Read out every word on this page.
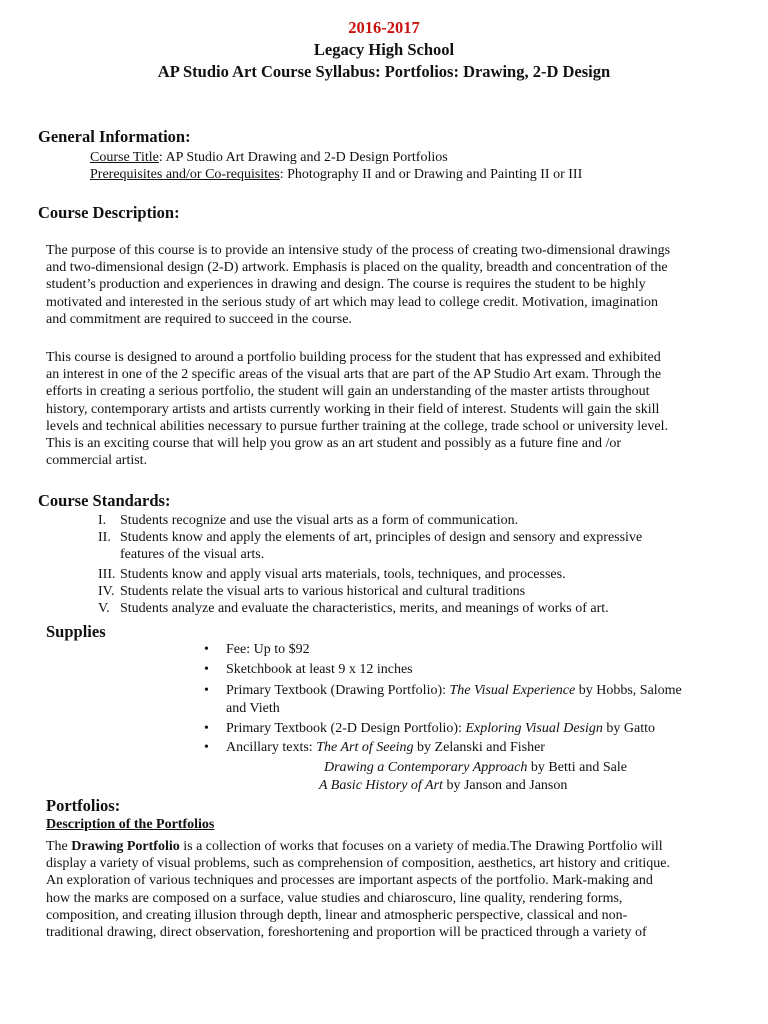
2016-2017
Legacy High School
AP Studio Art Course Syllabus: Portfolios: Drawing, 2-D Design
General Information:
Course Title: AP Studio Art Drawing and 2-D Design Portfolios
Prerequisites and/or Co-requisites: Photography II and or Drawing and Painting II or III
Course Description:
The purpose of this course is to provide an intensive study of the process of creating two-dimensional drawings
and two-dimensional design (2-D) artwork. Emphasis is placed on the quality, breadth and concentration of the
student’s production and experiences in drawing and design. The course is requires the student to be highly
motivated and interested in the serious study of art which may lead to college credit. Motivation, imagination
and commitment are required to succeed in the course.
This course is designed to around a portfolio building process for the student that has expressed and exhibited
an interest in one of the 2 specific areas of the visual arts that are part of the AP Studio Art exam. Through the
efforts in creating a serious portfolio, the student will gain an understanding of the master artists throughout
history, contemporary artists and artists currently working in their field of interest. Students will gain the skill
levels and technical abilities necessary to pursue further training at the college, trade school or university level.
This is an exciting course that will help you grow as an art student and possibly as a future fine and /or
commercial artist.
Course Standards:
I. Students recognize and use the visual arts as a form of communication.
II. Students know and apply the elements of art, principles of design and sensory and expressive
features of the visual arts.
III. Students know and apply visual arts materials, tools, techniques, and processes.
IV. Students relate the visual arts to various historical and cultural traditions
V. Students analyze and evaluate the characteristics, merits, and meanings of works of art.
Supplies
• Fee: Up to $92
• Sketchbook at least 9 x 12 inches
• Primary Textbook (Drawing Portfolio): The Visual Experience by Hobbs, Salome
and Vieth
• Primary Textbook (2-D Design Portfolio): Exploring Visual Design by Gatto
• Ancillary texts: The Art of Seeing by Zelanski and Fisher
Drawing a Contemporary Approach by Betti and Sale
A Basic History of Art by Janson and Janson
Portfolios:
Description of the Portfolios
The Drawing Portfolio is a collection of works that focuses on a variety of media.The Drawing Portfolio will
display a variety of visual problems, such as comprehension of composition, aesthetics, art history and critique.
An exploration of various techniques and processes are important aspects of the portfolio. Mark-making and
how the marks are composed on a surface, value studies and chiaroscuro, line quality, rendering forms,
composition, and creating illusion through depth, linear and atmospheric perspective, classical and non-
traditional drawing, direct observation, foreshortening and proportion will be practiced through a variety of
